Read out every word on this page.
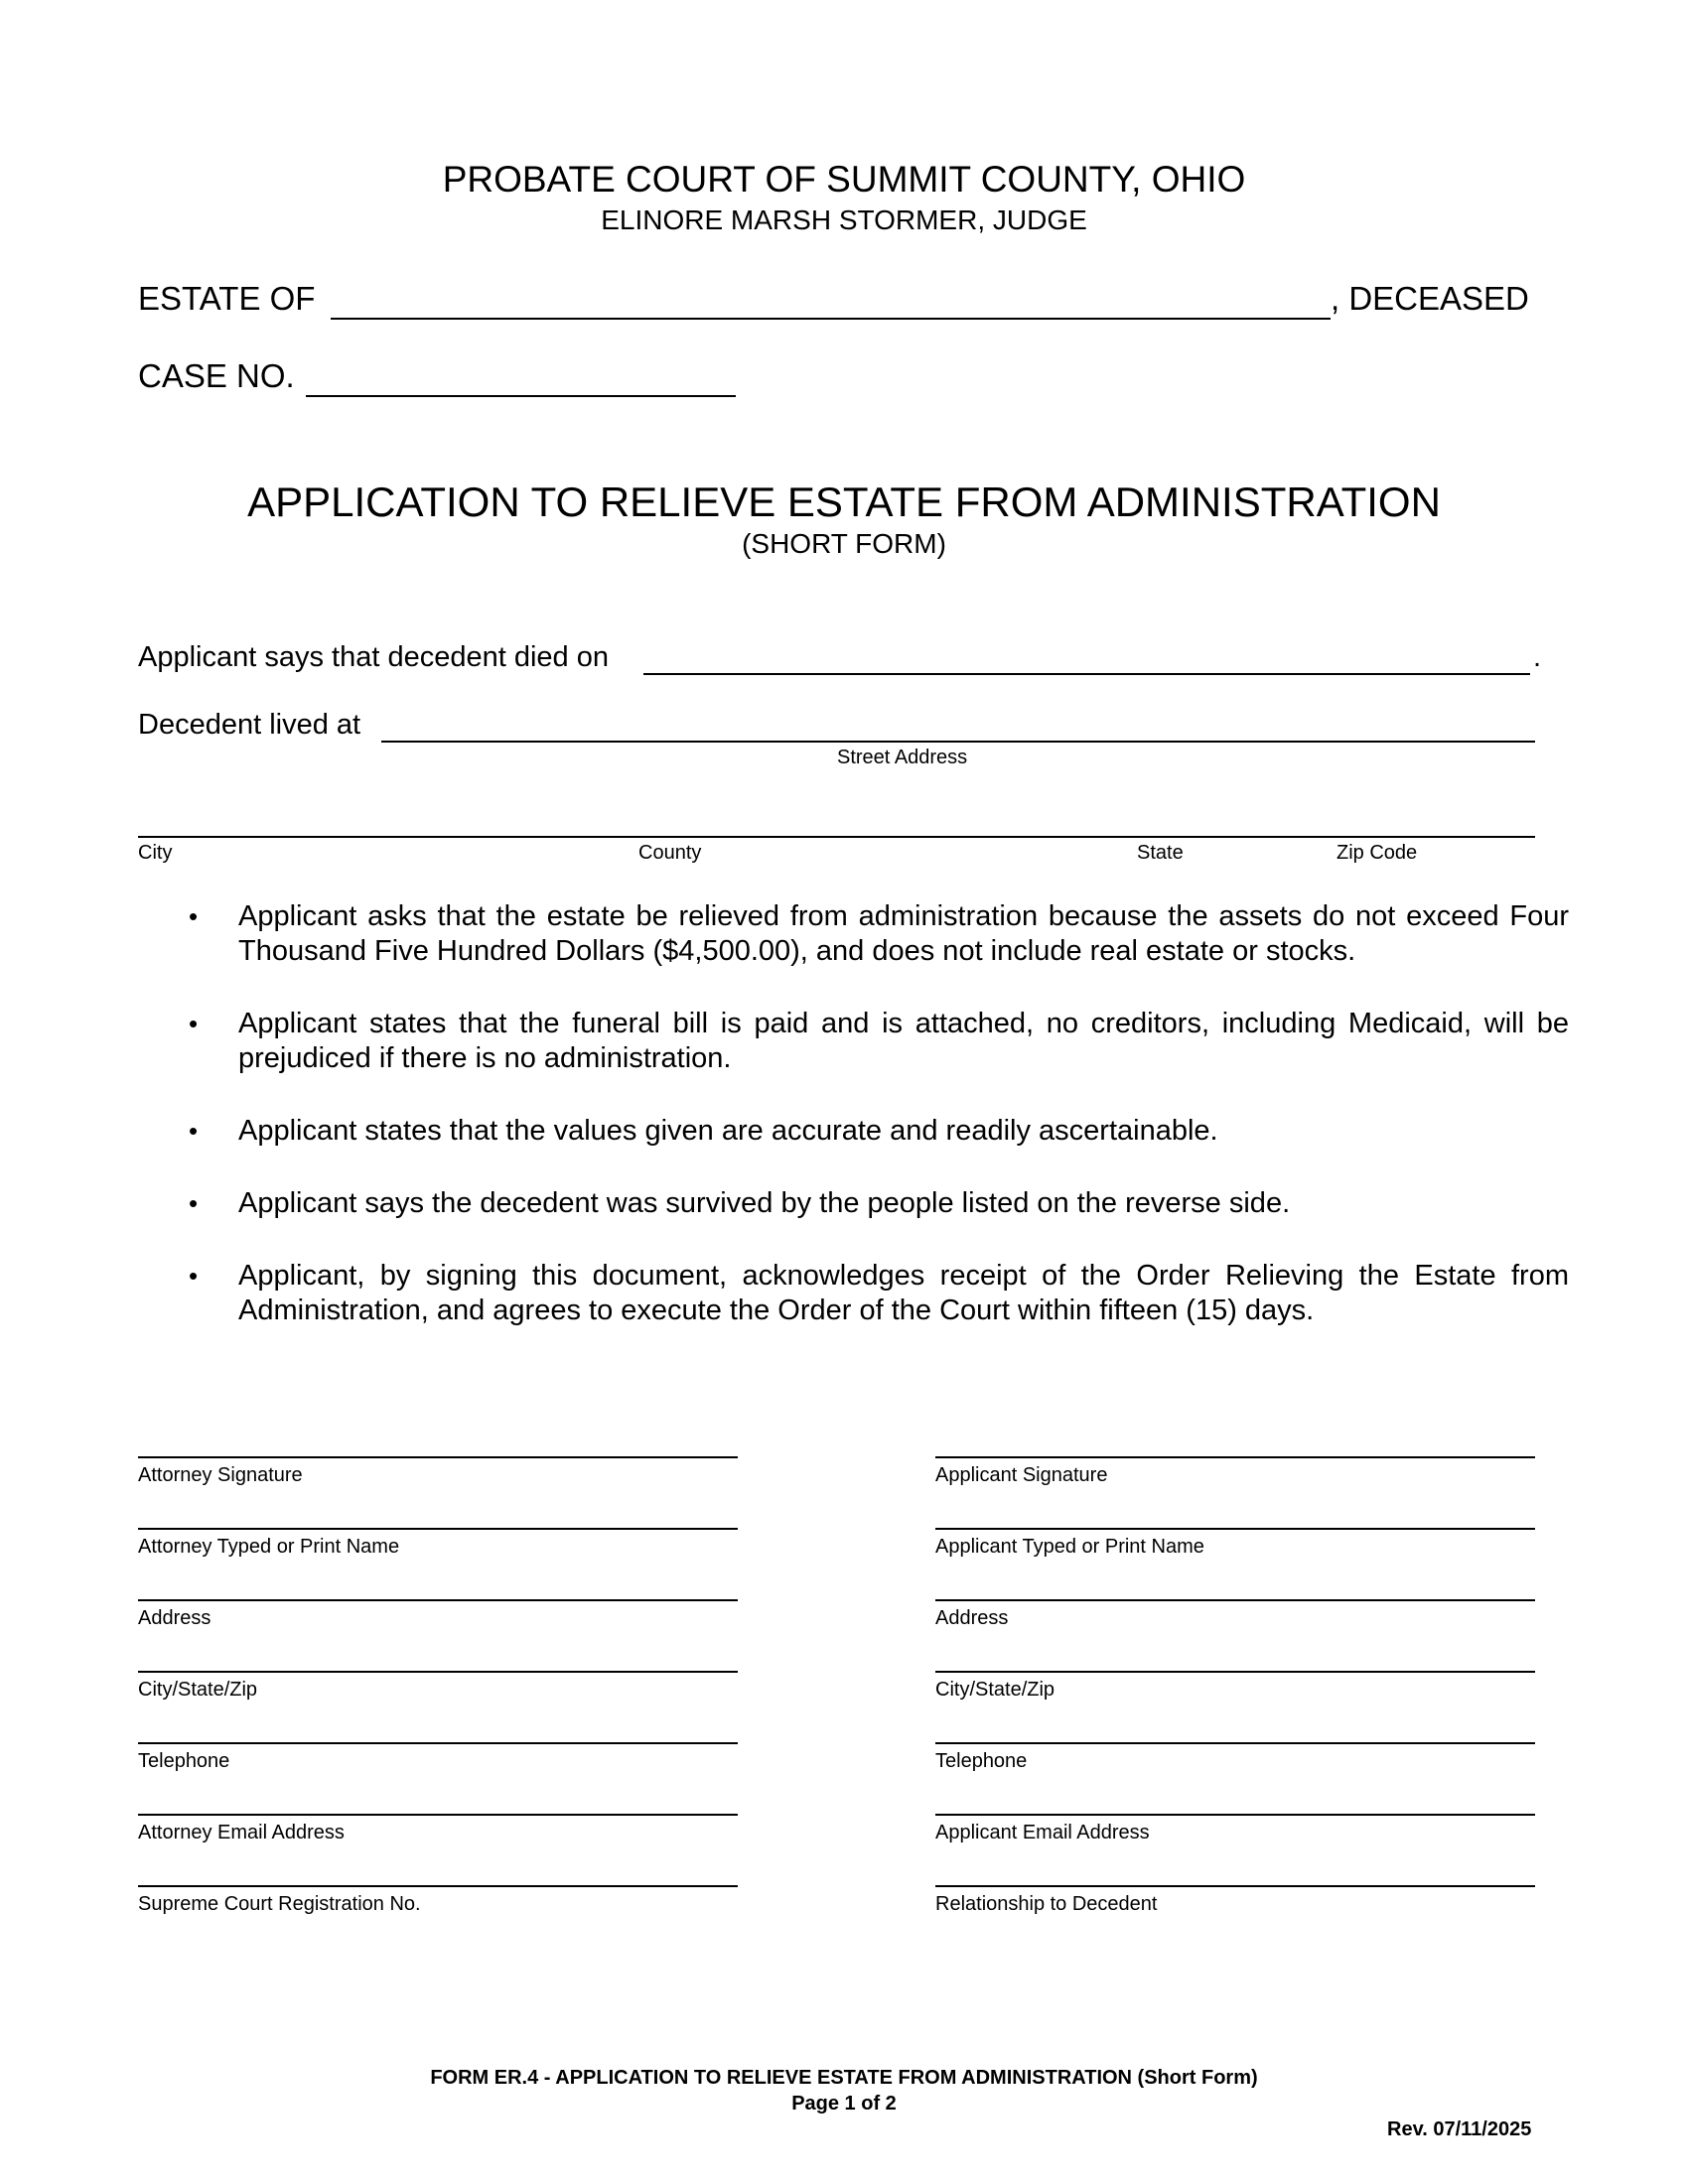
PROBATE COURT OF SUMMIT COUNTY, OHIO
ELINORE MARSH STORMER, JUDGE
ESTATE OF	, DECEASED
CASE NO.
APPLICATION TO RELIEVE ESTATE FROM ADMINISTRATION
(SHORT FORM)
Applicant says that decedent died on	.
Decedent lived at
Street Address
City	County	State	Zip Code
• Applicant asks that the estate be relieved from administration because the assets do not exceed Four Thousand Five Hundred Dollars ($4,500.00), and does not include real estate or stocks.
• Applicant states that the funeral bill is paid and is attached, no creditors, including Medicaid, will be prejudiced if there is no administration.
• Applicant states that the values given are accurate and readily ascertainable.
• Applicant says the decedent was survived by the people listed on the reverse side.
• Applicant, by signing this document, acknowledges receipt of the Order Relieving the Estate from Administration, and agrees to execute the Order of the Court within fifteen (15) days.
Attorney Signature
Attorney Typed or Print Name
Address
City/State/Zip
Telephone
Attorney Email Address
Supreme Court Registration No.
Applicant Signature
Applicant Typed or Print Name
Address
City/State/Zip
Telephone
Applicant Email Address
Relationship to Decedent
FORM ER.4 - APPLICATION TO RELIEVE ESTATE FROM ADMINISTRATION (Short Form)
Page 1 of 2
Rev. 07/11/2025
